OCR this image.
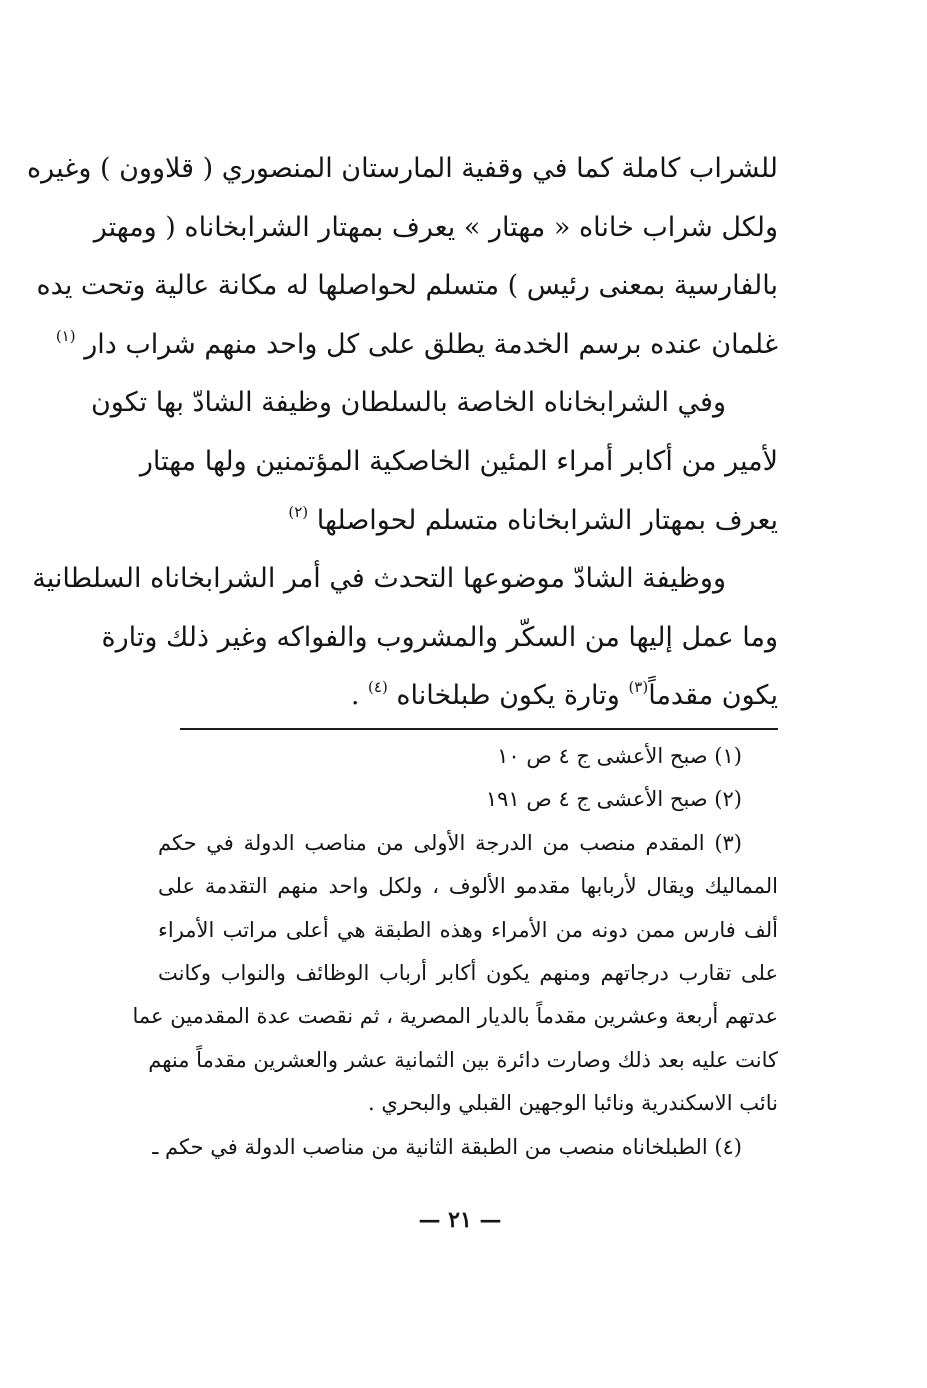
للشراب كاملة كما في وقفية المارستان المنصوري ( قلاوون ) وغيره
ولكل شراب خاناه « مهتار » يعرف بمهتار الشرابخاناه ( ومهتر
بالفارسية بمعنى رئيس ) متسلم لحواصلها له مكانة عالية وتحت يده
غلمان عنده برسم الخدمة يطلق على كل واحد منهم شراب دار $^{(١)}$
وفي الشرابخاناه الخاصة بالسلطان وظيفة الشادّ بها تكون
لأمير من أكابر أمراء المئين الخاصكية المؤتمنين ولها مهتار
يعرف بمهتار الشرابخاناه متسلم لحواصلها $^{(٢)}$
ووظيفة الشادّ موضوعها التحدث في أمر الشرابخاناه السلطانية
وما عمل إليها من السكّر والمشروب والفواكه وغير ذلك وتارة
يكون مقدماً$^{(٣)}$ وتارة يكون طبلخاناه $^{(٤)}$ .
(١) صبح الأعشى ج ٤ ص ١٠
(٢) صبح الأعشى ج ٤ ص ١٩١
(٣) المقدم منصب من الدرجة الأولى من مناصب الدولة في حكم
المماليك ويقال لأربابها مقدمو الألوف ، ولكل واحد منهم التقدمة على
ألف فارس ممن دونه من الأمراء وهذه الطبقة هي أعلى مراتب الأمراء
على تقارب درجاتهم ومنهم يكون أكابر أرباب الوظائف والنواب وكانت
عدتهم أربعة وعشرين مقدماً بالديار المصرية ، ثم نقصت عدة المقدمين عما
كانت عليه بعد ذلك وصارت دائرة بين الثمانية عشر والعشرين مقدماً منهم
نائب الاسكندرية ونائبا الوجهين القبلي والبحري .
(٤) الطبلخاناه منصب من الطبقة الثانية من مناصب الدولة في حكم ـ
— ٢١ —
